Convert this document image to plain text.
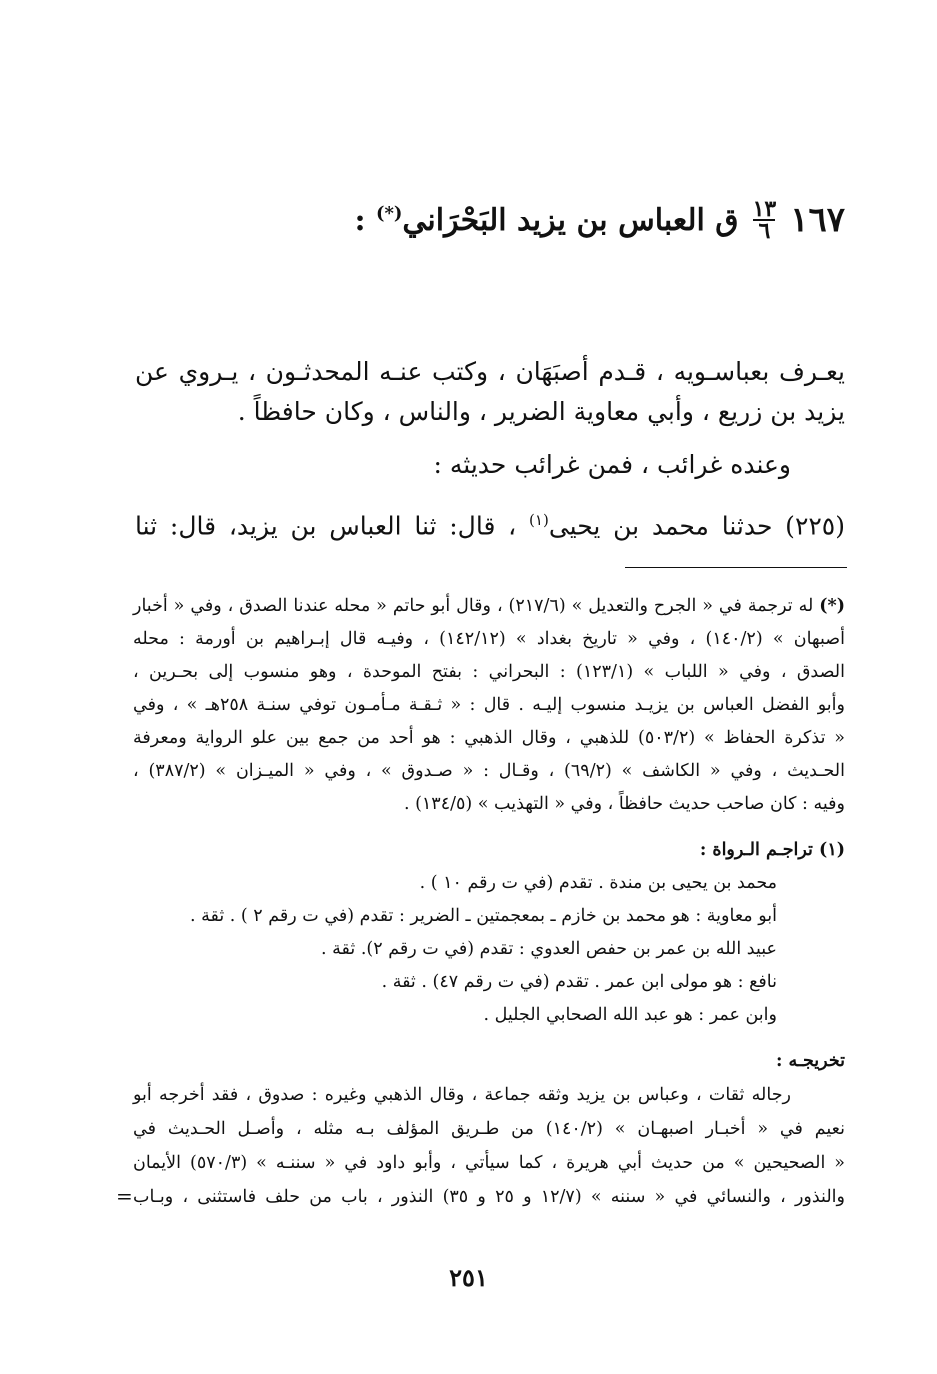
١٦٧
$\frac{١٣}{٦}$
ق العباس بن يزيد البَحْرَاني(*) :
يعـرف بعباسـويه ، قـدم أصبَهَان ، وكتب عنـه المحدثـون ، يـروي عن
يزيد بن زريع ، وأبي معاوية الضرير ، والناس ، وكان حافظاً .
وعنده غرائب ، فمن غرائب حديثه :
(٢٢٥) حدثنا محمد بن يحيى$^{(١)}$ ، قال: ثنا العباس بن يزيد، قال: ثنا
(*) له ترجمة في « الجرح والتعديل » (٢١٧/٦) ، وقال أبو حاتم « محله عندنا الصدق ، وفي « أخبار
أصبهان » (١٤٠/٢) ، وفي « تاريخ بغداد » (١٤٢/١٢) ، وفيـه قال إبـراهيم بن أورمة : محله
الصدق ، وفي « اللباب » (١٢٣/١) : البحراني : بفتح الموحدة ، وهو منسوب إلى بحـرين ،
وأبو الفضل العباس بن يزيـد منسوب إليـه . قال : « ثـقـة مـأمـون توفي سنـة ٢٥٨هـ » ، وفي
« تذكرة الحفاظ » (٥٠٣/٢) للذهبي ، وقال الذهبي : هو أحد من جمع بين علو الرواية ومعرفة
الحـديث ، وفي « الكاشف » (٦٩/٢) ، وقـال : « صـدوق » ، وفي « الميـزان » (٣٨٧/٢) ،
وفيه : كان صاحب حديث حافظاً ، وفي « التهذيب » (١٣٤/٥) .
(١) تراجـم الـرواة :
محمد بن يحيى بن مندة . تقدم (في ت رقم ١٠ ) .
أبو معاوية : هو محمد بن خازم ـ بمعجمتين ـ الضرير : تقدم (في ت رقم ٢ ) . ثقة .
عبيد الله بن عمر بن حفص العدوي : تقدم (في ت رقم ٢). ثقة .
نافع : هو مولى ابن عمر . تقدم (في ت رقم ٤٧) . ثقة .
وابن عمر : هو عبد الله الصحابي الجليل .
تخريجـه :
رجاله ثقات ، وعباس بن يزيد وثقه جماعة ، وقال الذهبي وغيره : صدوق ، فقد أخرجه أبو
نعيم في « أخبـار اصبهـان » (١٤٠/٢) من طـريق المؤلف بـه مثله ، وأصـل الحـديث في
« الصحيحين » من حديث أبي هريرة ، كما سيأتي ، وأبو داود في « سننـه » (٥٧٠/٣) الأيمان
والنذور ، والنسائي في « سننه » (١٢/٧ و ٢٥ و ٣٥) النذور ، باب من حلف فاستثنى ، وبـاب
=
٢٥١
